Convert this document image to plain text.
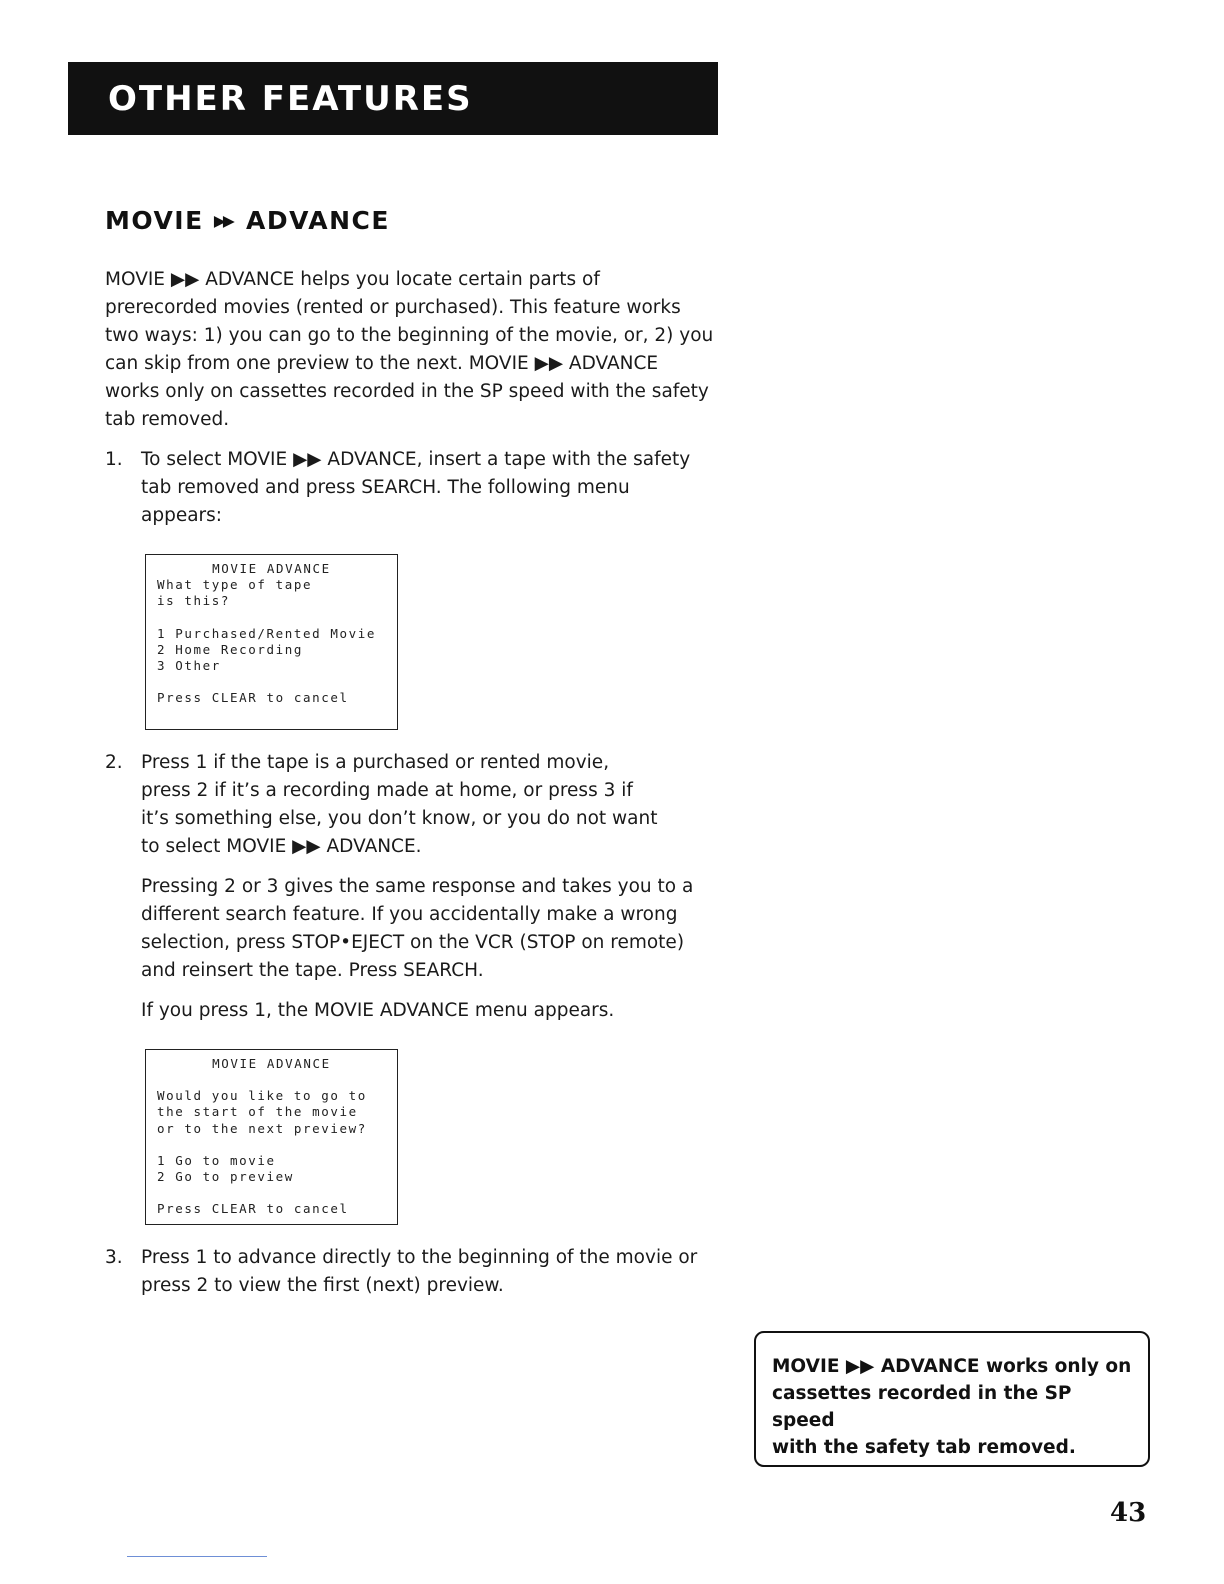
OTHER FEATURES
MOVIE ▶▶ ADVANCE
MOVIE ▶▶ ADVANCE helps you locate certain parts of
prerecorded movies (rented or purchased). This feature works
two ways: 1) you can go to the beginning of the movie, or, 2) you
can skip from one preview to the next. MOVIE ▶▶ ADVANCE
works only on cassettes recorded in the SP speed with the safety
tab removed.
1. To select MOVIE ▶▶ ADVANCE, insert a tape with the safety
tab removed and press SEARCH. The following menu
appears:
MOVIE ADVANCE
What type of tape
is this?
1 Purchased/Rented Movie
2 Home Recording
3 Other
Press CLEAR to cancel
2. Press 1 if the tape is a purchased or rented movie,
press 2 if it’s a recording made at home, or press 3 if
it’s something else, you don’t know, or you do not want
to select MOVIE ▶▶ ADVANCE.
Pressing 2 or 3 gives the same response and takes you to a
different search feature. If you accidentally make a wrong
selection, press STOP•EJECT on the VCR (STOP on remote)
and reinsert the tape. Press SEARCH.
If you press 1, the MOVIE ADVANCE menu appears.
MOVIE ADVANCE
Would you like to go to
the start of the movie
or to the next preview?
1 Go to movie
2 Go to preview
Press CLEAR to cancel
3. Press 1 to advance directly to the beginning of the movie or
press 2 to view the first (next) preview.
MOVIE ▶▶ ADVANCE works only on
cassettes recorded in the SP speed
with the safety tab removed.
43
